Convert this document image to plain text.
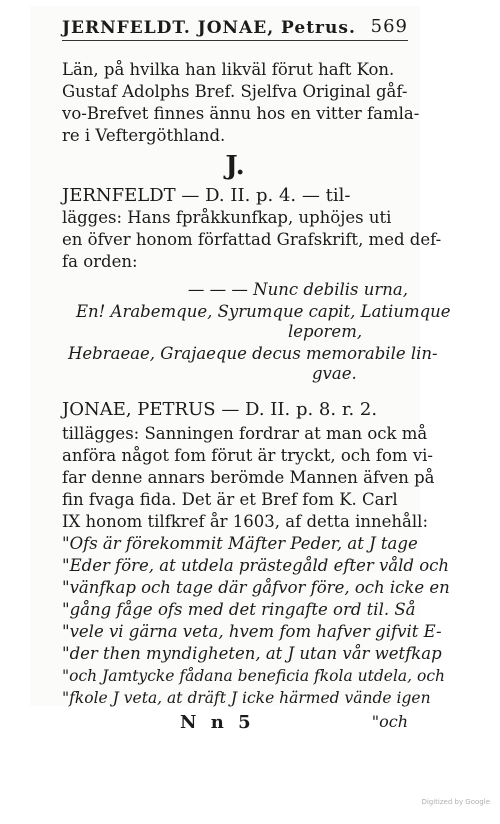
JERNFELDT. JONAE, Petrus. 569
Län, på hvilka han likväl förut haft Kon.
Gustaf Adolphs Bref. Sjelfva Original gåf-
vo-Brefvet finnes ännu hos en vitter famla-
re i Veftergöthland.
J.
JERNFELDT — D. II. p. 4. — til-
lägges: Hans fpråkkunfkap, uphöjes uti
en öfver honom författad Grafskrift, med def-
fa orden:
— — — Nunc debilis urna,
En! Arabemque, Syrumque capit, Latiumque
leporem,
Hebraeae, Grajaeque decus memorabile lin-
gvae.
JONAE, PETRUS — D. II. p. 8. r. 2.
tillägges: Sanningen fordrar at man ock må
anföra något fom förut är tryckt, och fom vi-
far denne annars berömde Mannen äfven på
fin fvaga fida. Det är et Bref fom K. Carl
IX honom tilfkref år 1603, af detta innehåll:
"Ofs är förekommit Mäfter Peder, at J tage
"Eder före, at utdela prästegåld efter våld och
"vänfkap och tage där gåfvor före, och icke en
"gång fåge ofs med det ringafte ord til. Så
"vele vi gärna veta, hvem fom hafver gifvit E-
"der then myndigheten, at J utan vår wetfkap
"och Jamtycke fådana beneficia fkola utdela, och
"fkole J veta, at dräft J icke härmed vände igen
N n 5	"och
Digitized by Google
